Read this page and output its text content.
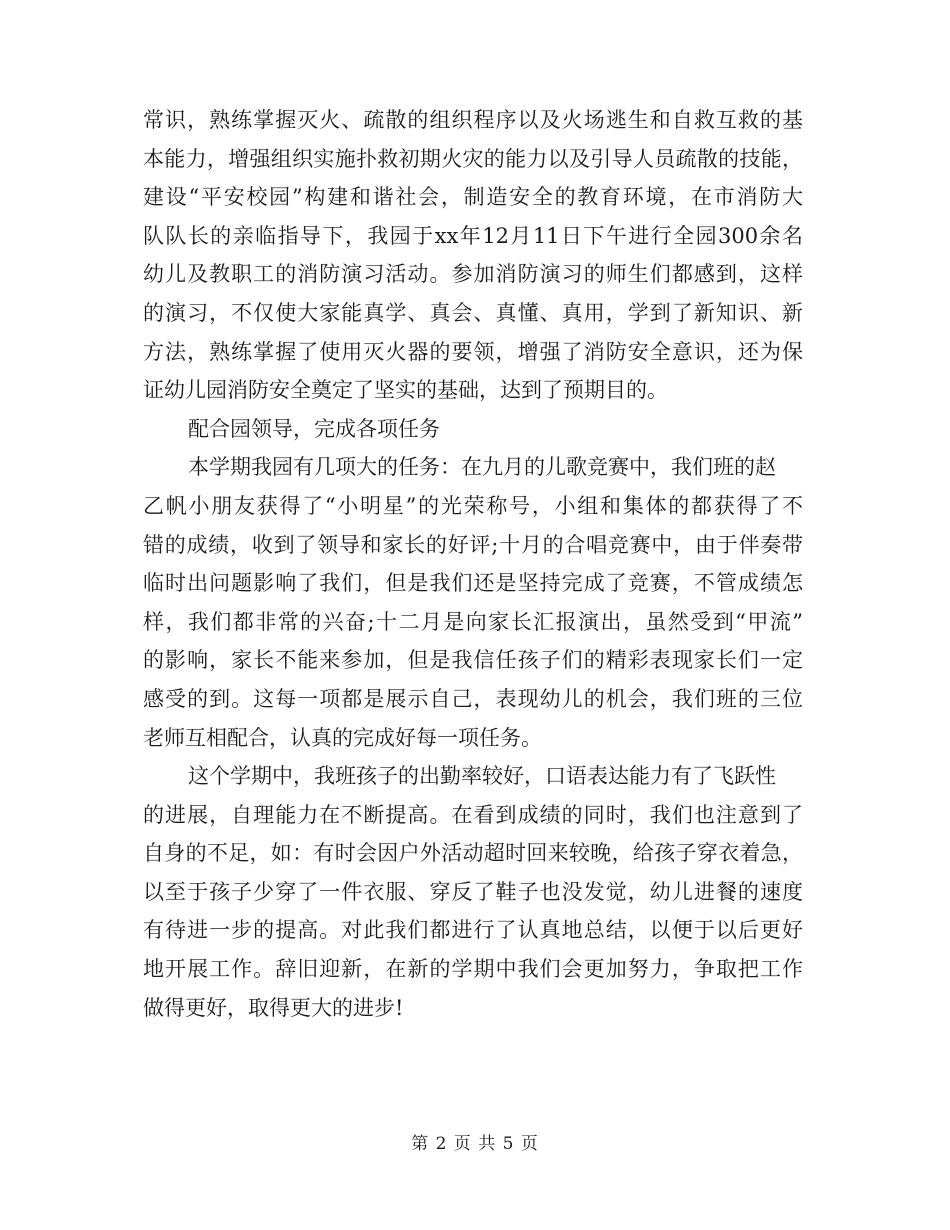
常识，熟练掌握灭火、疏散的组织程序以及火场逃生和自救互救的基
本能力，增强组织实施扑救初期火灾的能力以及引导人员疏散的技能，
建设“平安校园”构建和谐社会，制造安全的教育环境，在市消防大
队队长的亲临指导下，我园于xx年12月11日下午进行全园300余名
幼儿及教职工的消防演习活动。参加消防演习的师生们都感到，这样
的演习，不仅使大家能真学、真会、真懂、真用，学到了新知识、新
方法，熟练掌握了使用灭火器的要领，增强了消防安全意识，还为保
证幼儿园消防安全奠定了坚实的基础，达到了预期目的。
配合园领导，完成各项任务
本学期我园有几项大的任务：在九月的儿歌竞赛中，我们班的赵
乙帆小朋友获得了“小明星”的光荣称号，小组和集体的都获得了不
错的成绩，收到了领导和家长的好评;十月的合唱竞赛中，由于伴奏带
临时出问题影响了我们，但是我们还是坚持完成了竞赛，不管成绩怎
样，我们都非常的兴奋;十二月是向家长汇报演出，虽然受到“甲流”
的影响，家长不能来参加，但是我信任孩子们的精彩表现家长们一定
感受的到。这每一项都是展示自己，表现幼儿的机会，我们班的三位
老师互相配合，认真的完成好每一项任务。
这个学期中，我班孩子的出勤率较好，口语表达能力有了飞跃性
的进展，自理能力在不断提高。在看到成绩的同时，我们也注意到了
自身的不足，如：有时会因户外活动超时回来较晚，给孩子穿衣着急，
以至于孩子少穿了一件衣服、穿反了鞋子也没发觉，幼儿进餐的速度
有待进一步的提高。对此我们都进行了认真地总结，以便于以后更好
地开展工作。辞旧迎新，在新的学期中我们会更加努力，争取把工作
做得更好，取得更大的进步!
第 2 页 共 5 页
